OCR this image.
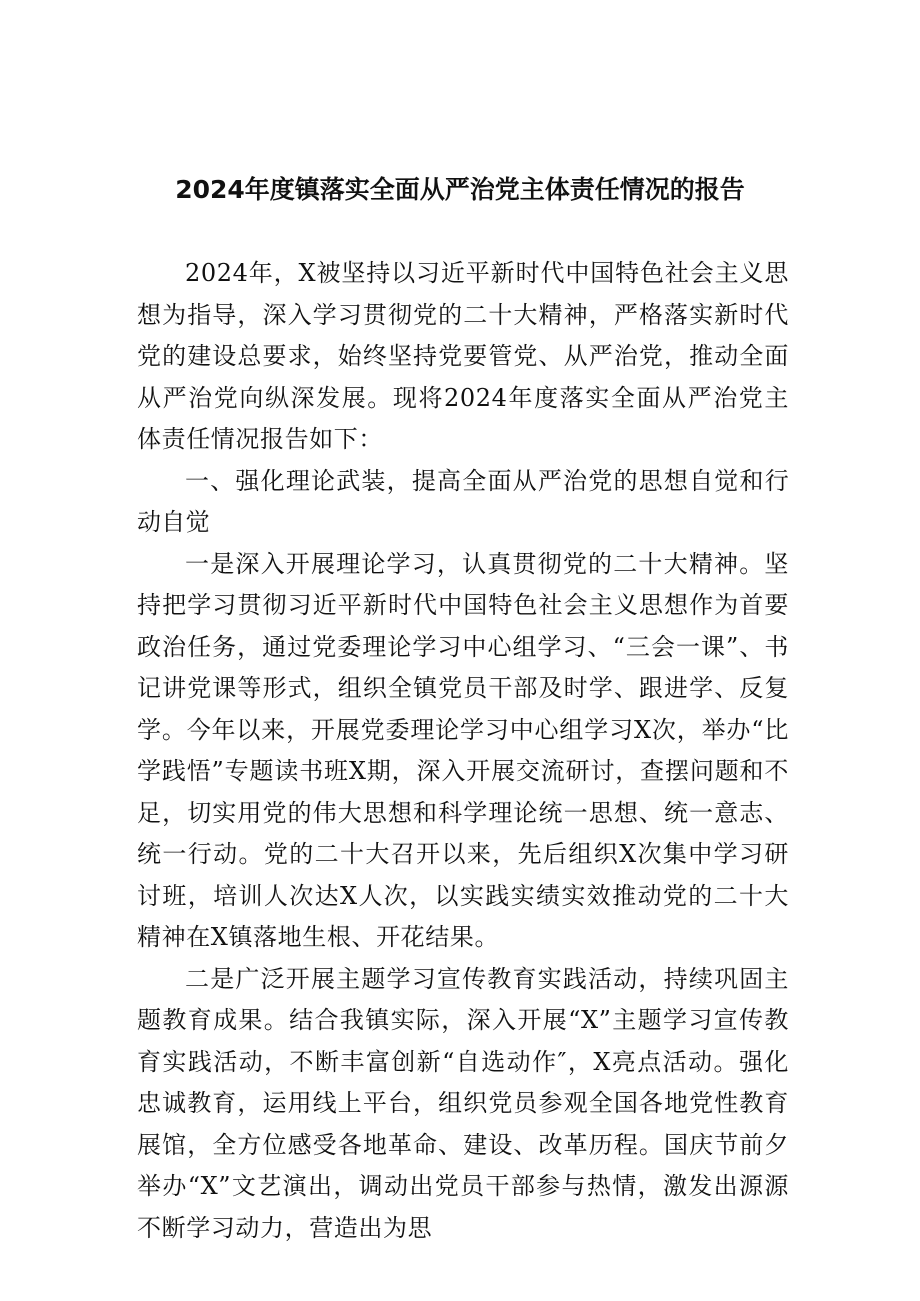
2024年度镇落实全面从严治党主体责任情况的报告

2024年，X被坚持以习近平新时代中国特色社会主义思想为指导，深入学习贯彻党的二十大精神，严格落实新时代党的建设总要求，始终坚持党要管党、从严治党，推动全面从严治党向纵深发展。现将2024年度落实全面从严治党主体责任情况报告如下：

一、强化理论武装，提高全面从严治党的思想自觉和行动自觉

一是深入开展理论学习，认真贯彻党的二十大精神。坚持把学习贯彻习近平新时代中国特色社会主义思想作为首要政治任务，通过党委理论学习中心组学习、“三会一课”、书记讲党课等形式，组织全镇党员干部及时学、跟进学、反复学。今年以来，开展党委理论学习中心组学习X次，举办“比学践悟”专题读书班X期，深入开展交流研讨，查摆问题和不足，切实用党的伟大思想和科学理论统一思想、统一意志、统一行动。党的二十大召开以来，先后组织X次集中学习研讨班，培训人次达X人次，以实践实绩实效推动党的二十大精神在X镇落地生根、开花结果。

二是广泛开展主题学习宣传教育实践活动，持续巩固主题教育成果。结合我镇实际，深入开展“X”主题学习宣传教育实践活动，不断丰富创新“自选动作″，X亮点活动。强化忠诚教育，运用线上平台，组织党员参观全国各地党性教育展馆，全方位感受各地革命、建设、改革历程。国庆节前夕举办“X”文艺演出，调动出党员干部参与热情，激发出源源不断学习动力，营造出为思
